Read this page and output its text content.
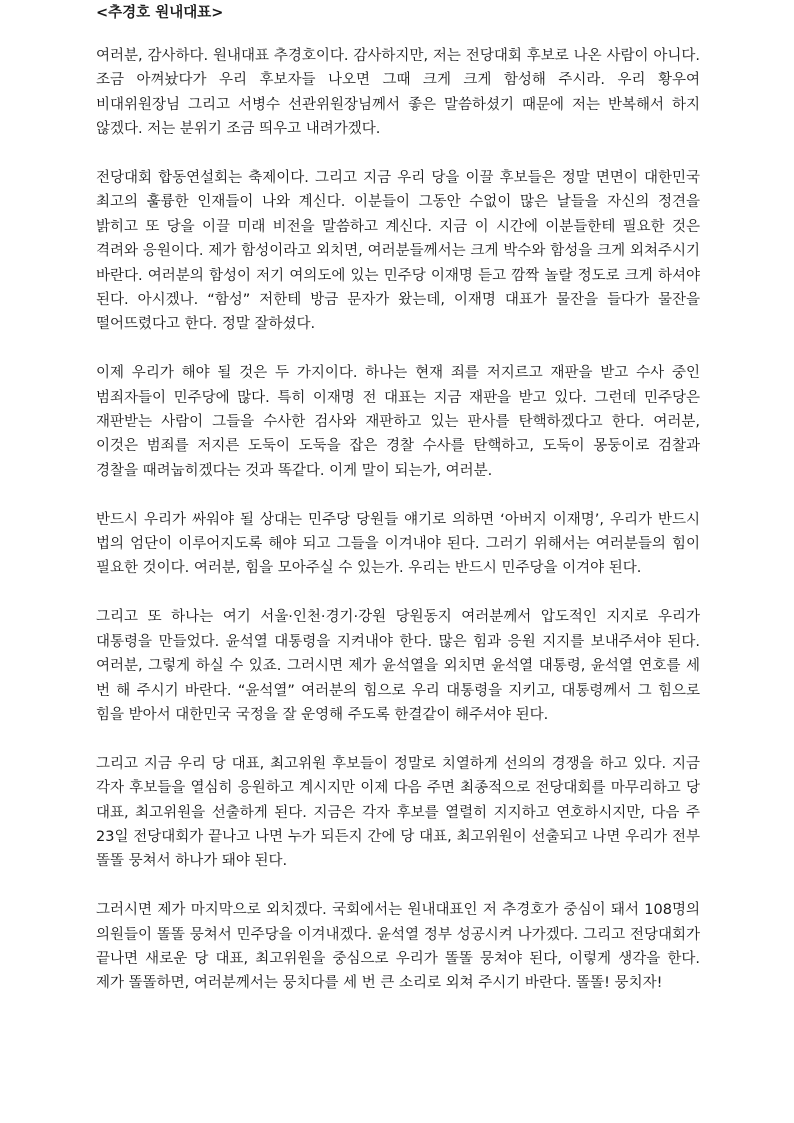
<추경호 원내대표>

여러분, 감사하다. 원내대표 추경호이다. 감사하지만, 저는 전당대회 후보로 나온 사람이 아니다. 조금 아껴놨다가 우리 후보자들 나오면 그때 크게 크게 함성해 주시라. 우리 황우여 비대위원장님 그리고 서병수 선관위원장님께서 좋은 말씀하셨기 때문에 저는 반복해서 하지 않겠다. 저는 분위기 조금 띄우고 내려가겠다.

전당대회 합동연설회는 축제이다. 그리고 지금 우리 당을 이끌 후보들은 정말 면면이 대한민국 최고의 훌륭한 인재들이 나와 계신다. 이분들이 그동안 수없이 많은 날들을 자신의 정견을 밝히고 또 당을 이끌 미래 비전을 말씀하고 계신다. 지금 이 시간에 이분들한테 필요한 것은 격려와 응원이다. 제가 함성이라고 외치면, 여러분들께서는 크게 박수와 함성을 크게 외쳐주시기 바란다. 여러분의 함성이 저기 여의도에 있는 민주당 이재명 듣고 깜짝 놀랄 정도로 크게 하셔야 된다. 아시겠나. “함성” 저한테 방금 문자가 왔는데, 이재명 대표가 물잔을 들다가 물잔을 떨어뜨렸다고 한다. 정말 잘하셨다.

이제 우리가 해야 될 것은 두 가지이다. 하나는 현재 죄를 저지르고 재판을 받고 수사 중인 범죄자들이 민주당에 많다. 특히 이재명 전 대표는 지금 재판을 받고 있다. 그런데 민주당은 재판받는 사람이 그들을 수사한 검사와 재판하고 있는 판사를 탄핵하겠다고 한다. 여러분, 이것은 범죄를 저지른 도둑이 도둑을 잡은 경찰 수사를 탄핵하고, 도둑이 몽둥이로 검찰과 경찰을 때려눕히겠다는 것과 똑같다. 이게 말이 되는가, 여러분.

반드시 우리가 싸워야 될 상대는 민주당 당원들 얘기로 의하면 ‘아버지 이재명’, 우리가 반드시 법의 엄단이 이루어지도록 해야 되고 그들을 이겨내야 된다. 그러기 위해서는 여러분들의 힘이 필요한 것이다. 여러분, 힘을 모아주실 수 있는가. 우리는 반드시 민주당을 이겨야 된다.

그리고 또 하나는 여기 서울·인천·경기·강원 당원동지 여러분께서 압도적인 지지로 우리가 대통령을 만들었다. 윤석열 대통령을 지켜내야 한다. 많은 힘과 응원 지지를 보내주셔야 된다. 여러분, 그렇게 하실 수 있죠. 그러시면 제가 윤석열을 외치면 윤석열 대통령, 윤석열 연호를 세 번 해 주시기 바란다. “윤석열” 여러분의 힘으로 우리 대통령을 지키고, 대통령께서 그 힘으로 힘을 받아서 대한민국 국정을 잘 운영해 주도록 한결같이 해주셔야 된다.

그리고 지금 우리 당 대표, 최고위원 후보들이 정말로 치열하게 선의의 경쟁을 하고 있다. 지금 각자 후보들을 열심히 응원하고 계시지만 이제 다음 주면 최종적으로 전당대회를 마무리하고 당 대표, 최고위원을 선출하게 된다. 지금은 각자 후보를 열렬히 지지하고 연호하시지만, 다음 주 23일 전당대회가 끝나고 나면 누가 되든지 간에 당 대표, 최고위원이 선출되고 나면 우리가 전부 똘똘 뭉쳐서 하나가 돼야 된다.

그러시면 제가 마지막으로 외치겠다. 국회에서는 원내대표인 저 추경호가 중심이 돼서 108명의 의원들이 똘똘 뭉쳐서 민주당을 이겨내겠다. 윤석열 정부 성공시켜 나가겠다. 그리고 전당대회가 끝나면 새로운 당 대표, 최고위원을 중심으로 우리가 똘똘 뭉쳐야 된다, 이렇게 생각을 한다. 제가 똘똘하면, 여러분께서는 뭉치다를 세 번 큰 소리로 외쳐 주시기 바란다. 똘똘! 뭉치자!
